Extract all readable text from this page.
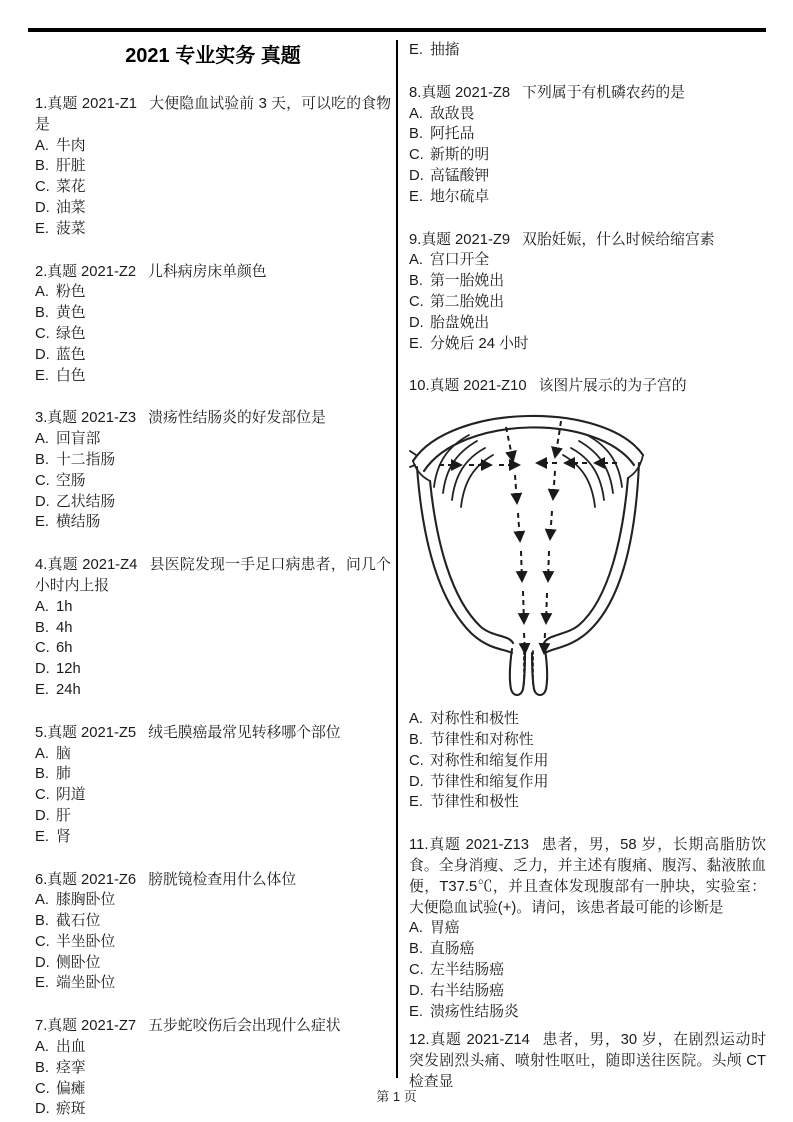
2021 专业实务 真题

1.真题 2021-Z1 大便隐血试验前 3 天，可以吃的食物是

A. 牛肉

B. 肝脏

C. 菜花

D. 油菜

E. 菠菜

2.真题 2021-Z2 儿科病房床单颜色

A. 粉色

B. 黄色

C. 绿色

D. 蓝色

E. 白色

3.真题 2021-Z3 溃疡性结肠炎的好发部位是

A. 回盲部

B. 十二指肠

C. 空肠

D. 乙状结肠

E. 横结肠

4.真题 2021-Z4 县医院发现一手足口病患者，问几个小时内上报

A. 1h

B. 4h

C. 6h

D. 12h

E. 24h

5.真题 2021-Z5 绒毛膜癌最常见转移哪个部位

A. 脑

B. 肺

C. 阴道

D. 肝

E. 肾

6.真题 2021-Z6 膀胱镜检查用什么体位

A. 膝胸卧位

B. 截石位

C. 半坐卧位

D. 侧卧位

E. 端坐卧位

7.真题 2021-Z7 五步蛇咬伤后会出现什么症状

A. 出血

B. 痉挛

C. 偏瘫

D. 瘀斑

E. 抽搐

8.真题 2021-Z8 下列属于有机磷农药的是

A. 敌敌畏

B. 阿托品

C. 新斯的明

D. 高锰酸钾

E. 地尔硫卓

9.真题 2021-Z9 双胎妊娠，什么时候给缩宫素

A. 宫口开全

B. 第一胎娩出

C. 第二胎娩出

D. 胎盘娩出

E. 分娩后 24 小时

10.真题 2021-Z10 该图片展示的为子宫的

A. 对称性和极性

B. 节律性和对称性

C. 对称性和缩复作用

D. 节律性和缩复作用

E. 节律性和极性

11.真题 2021-Z13 患者，男，58 岁，长期高脂肪饮食。全身消瘦、乏力，并主述有腹痛、腹泻、黏液脓血便，T37.5℃，并且查体发现腹部有一肿块，实验室：大便隐血试验(+)。请问，该患者最可能的诊断是

A. 胃癌

B. 直肠癌

C. 左半结肠癌

D. 右半结肠癌

E. 溃疡性结肠炎

12.真题 2021-Z14 患者，男，30 岁，在剧烈运动时突发剧烈头痛、喷射性呕吐，随即送往医院。头颅 CT 检查显

第 1 页
